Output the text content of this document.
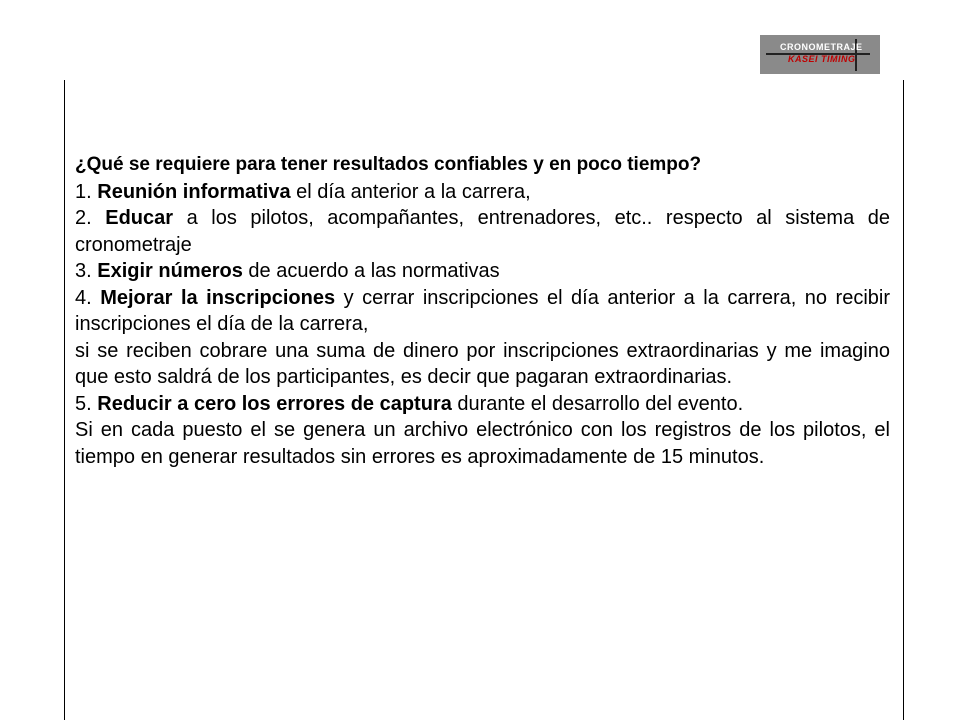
CRONOMETRAJE
KASEI TIMING

¿Qué se requiere para tener resultados confiables y en poco tiempo?

1. Reunión informativa el día anterior a la carrera,

2. Educar a los pilotos, acompañantes, entrenadores, etc.. respecto al sistema de cronometraje

3. Exigir números de acuerdo a las normativas

4. Mejorar la inscripciones y cerrar inscripciones el día anterior a la carrera, no recibir inscripciones el día de la carrera,

si se reciben cobrare una suma de dinero por inscripciones extraordinarias y me imagino que esto saldrá de los participantes, es decir que pagaran extraordinarias.

5. Reducir a cero los errores de captura durante el desarrollo del evento.

Si en cada puesto el se genera un archivo electrónico con los registros de los pilotos, el tiempo en generar resultados sin errores es aproximadamente de 15 minutos.
